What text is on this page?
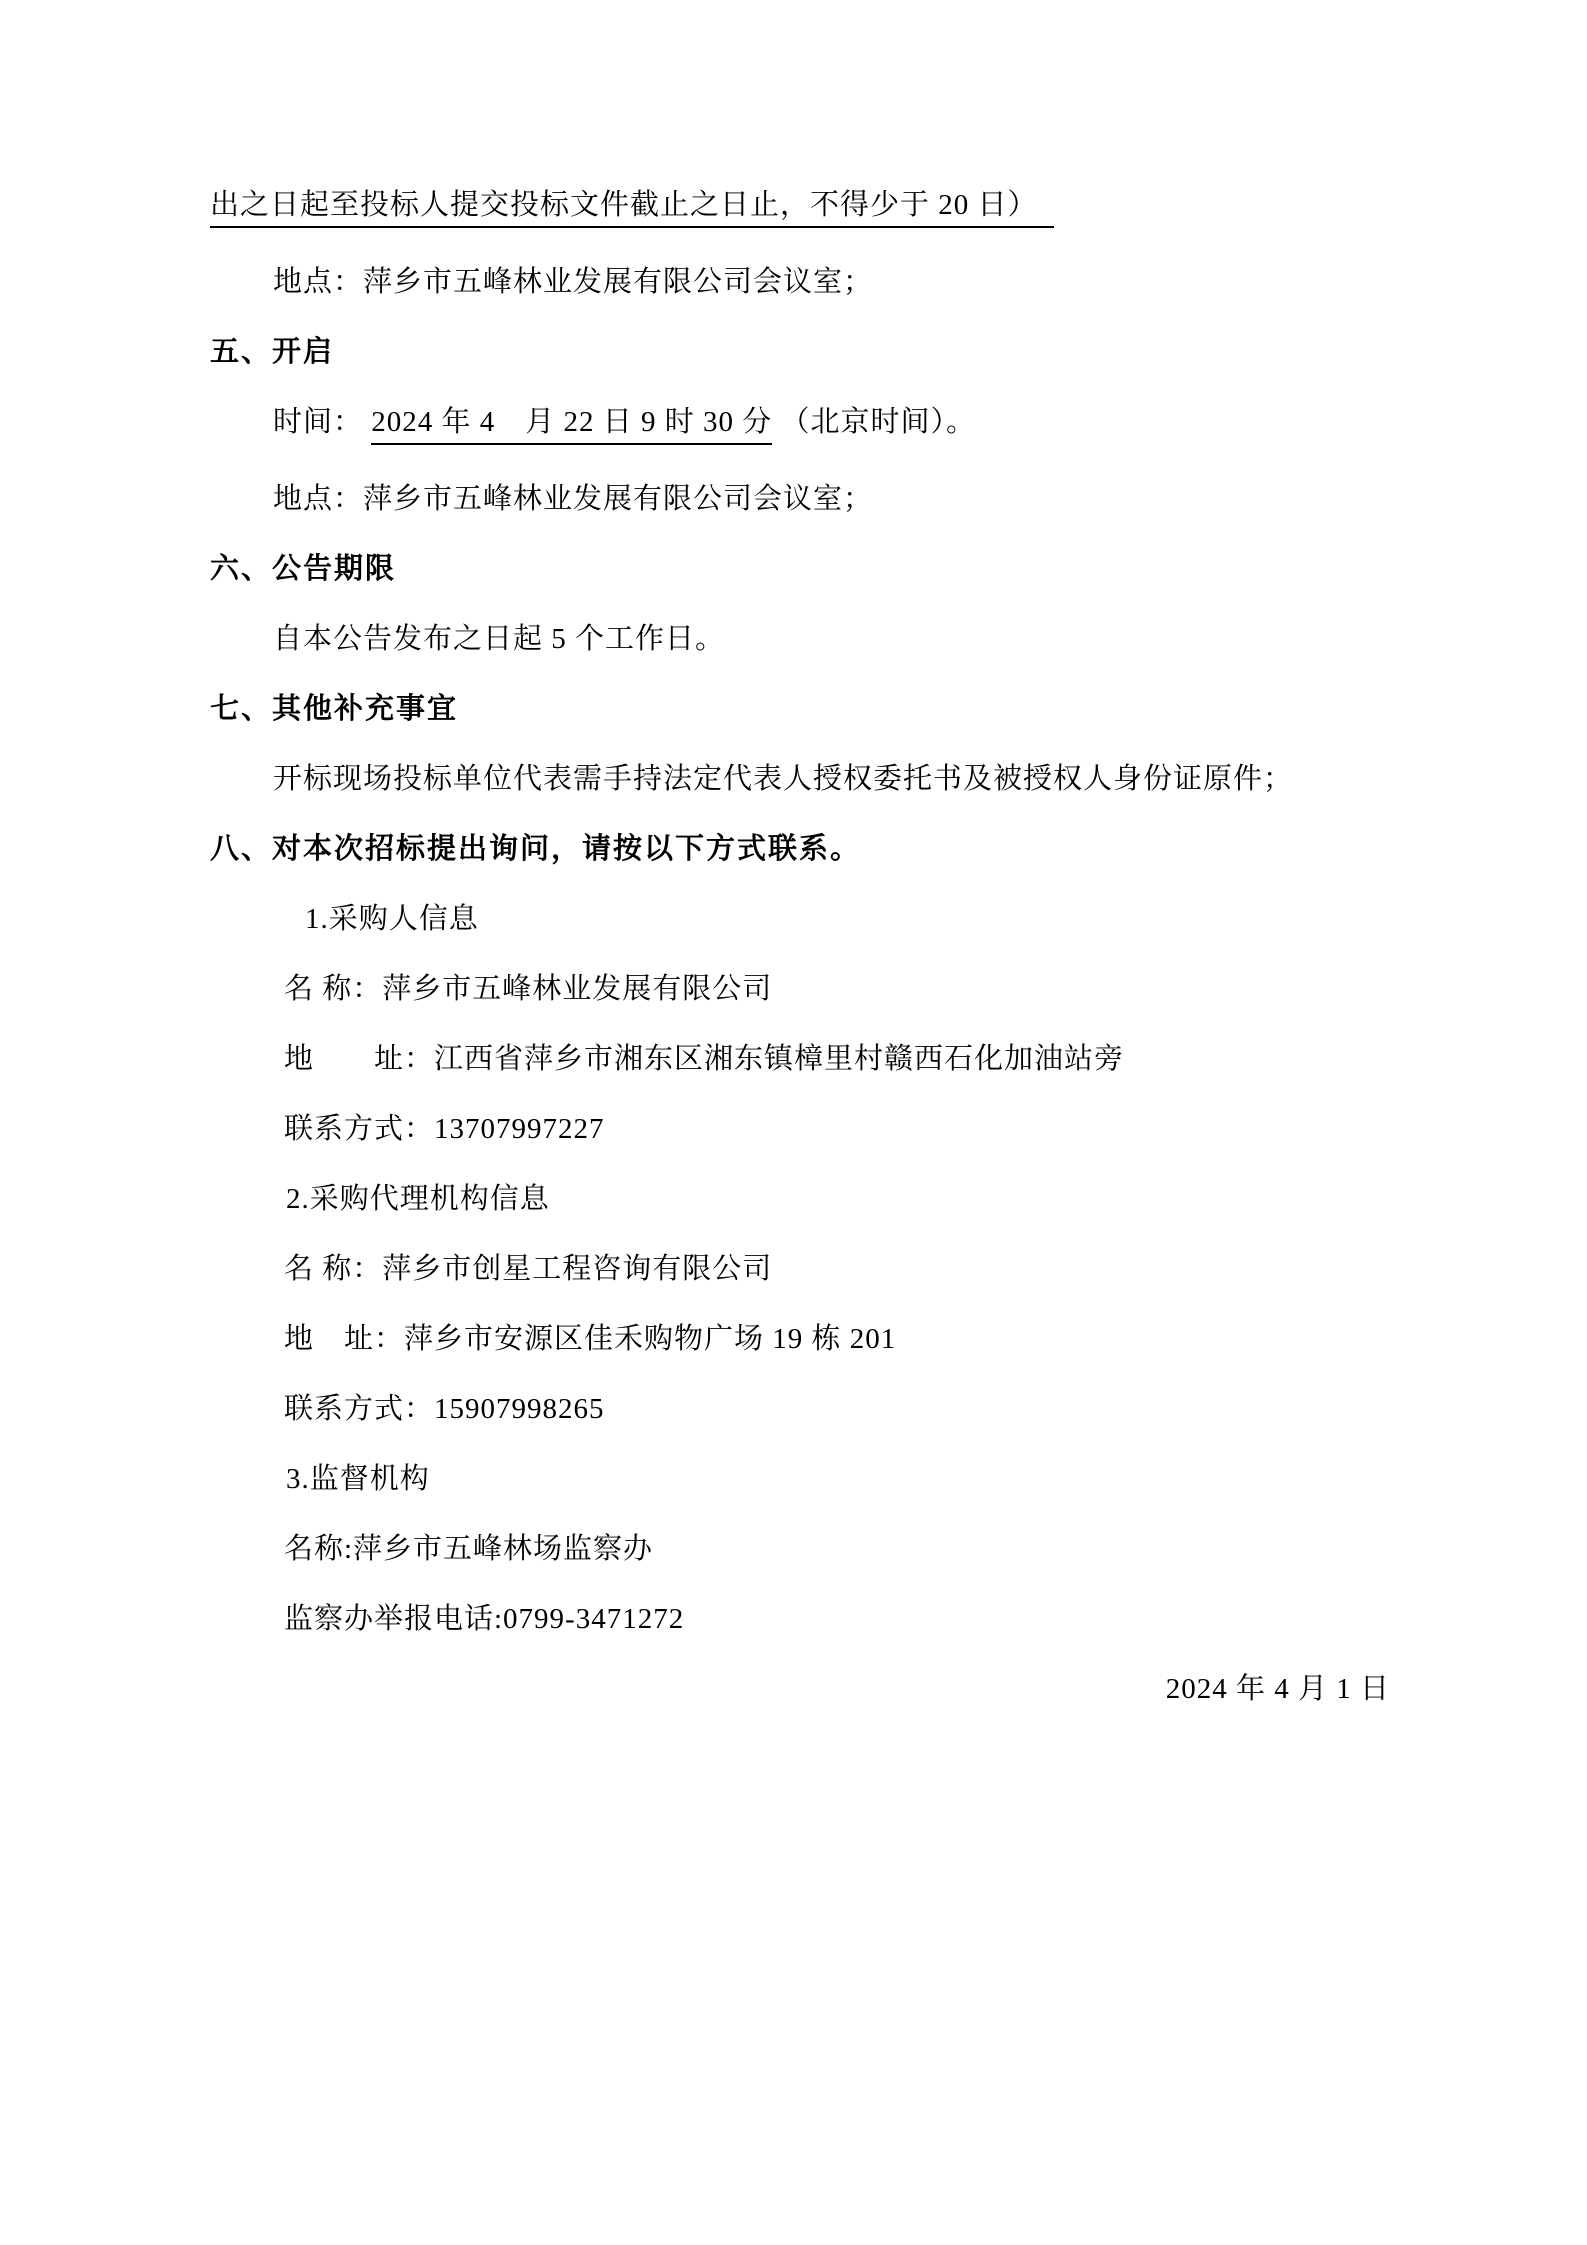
出之日起至投标人提交投标文件截止之日止，不得少于 20 日）

地点：萍乡市五峰林业发展有限公司会议室；

五、开启

时间： 2024 年 4　月 22 日 9 时 30 分 （北京时间）。

地点：萍乡市五峰林业发展有限公司会议室；

六、公告期限

自本公告发布之日起 5 个工作日。

七、其他补充事宜

开标现场投标单位代表需手持法定代表人授权委托书及被授权人身份证原件；

八、对本次招标提出询问，请按以下方式联系。

1.采购人信息

名 称：萍乡市五峰林业发展有限公司

地　　址：江西省萍乡市湘东区湘东镇樟里村赣西石化加油站旁

联系方式：13707997227

2.采购代理机构信息

名 称：萍乡市创星工程咨询有限公司

地　址：萍乡市安源区佳禾购物广场 19 栋 201

联系方式：15907998265

3.监督机构

名称:萍乡市五峰林场监察办

监察办举报电话:0799-3471272

2024 年 4 月 1 日
